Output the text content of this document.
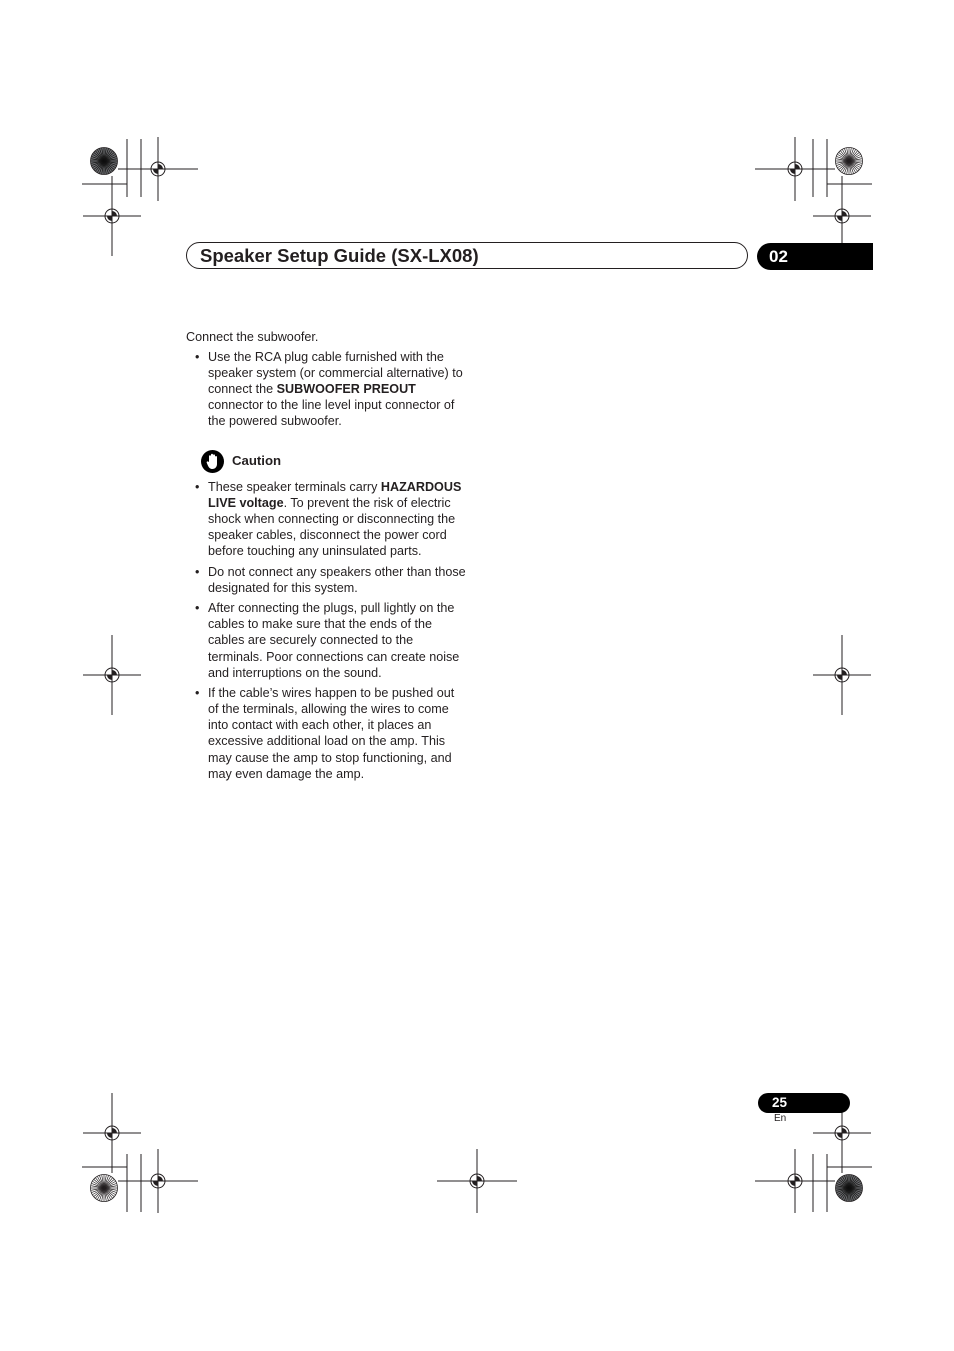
Speaker Setup Guide (SX-LX08)	02

Connect the subwoofer.

• Use the RCA plug cable furnished with the speaker system (or commercial alternative) to connect the SUBWOOFER PREOUT connector to the line level input connector of the powered subwoofer.
Caution
• These speaker terminals carry HAZARDOUS LIVE voltage. To prevent the risk of electric shock when connecting or disconnecting the speaker cables, disconnect the power cord before touching any uninsulated parts.
• Do not connect any speakers other than those designated for this system.
• After connecting the plugs, pull lightly on the cables to make sure that the ends of the cables are securely connected to the terminals. Poor connections can create noise and interruptions on the sound.
• If the cable’s wires happen to be pushed out of the terminals, allowing the wires to come into contact with each other, it places an excessive additional load on the amp. This may cause the amp to stop functioning, and may even damage the amp.
25
En
